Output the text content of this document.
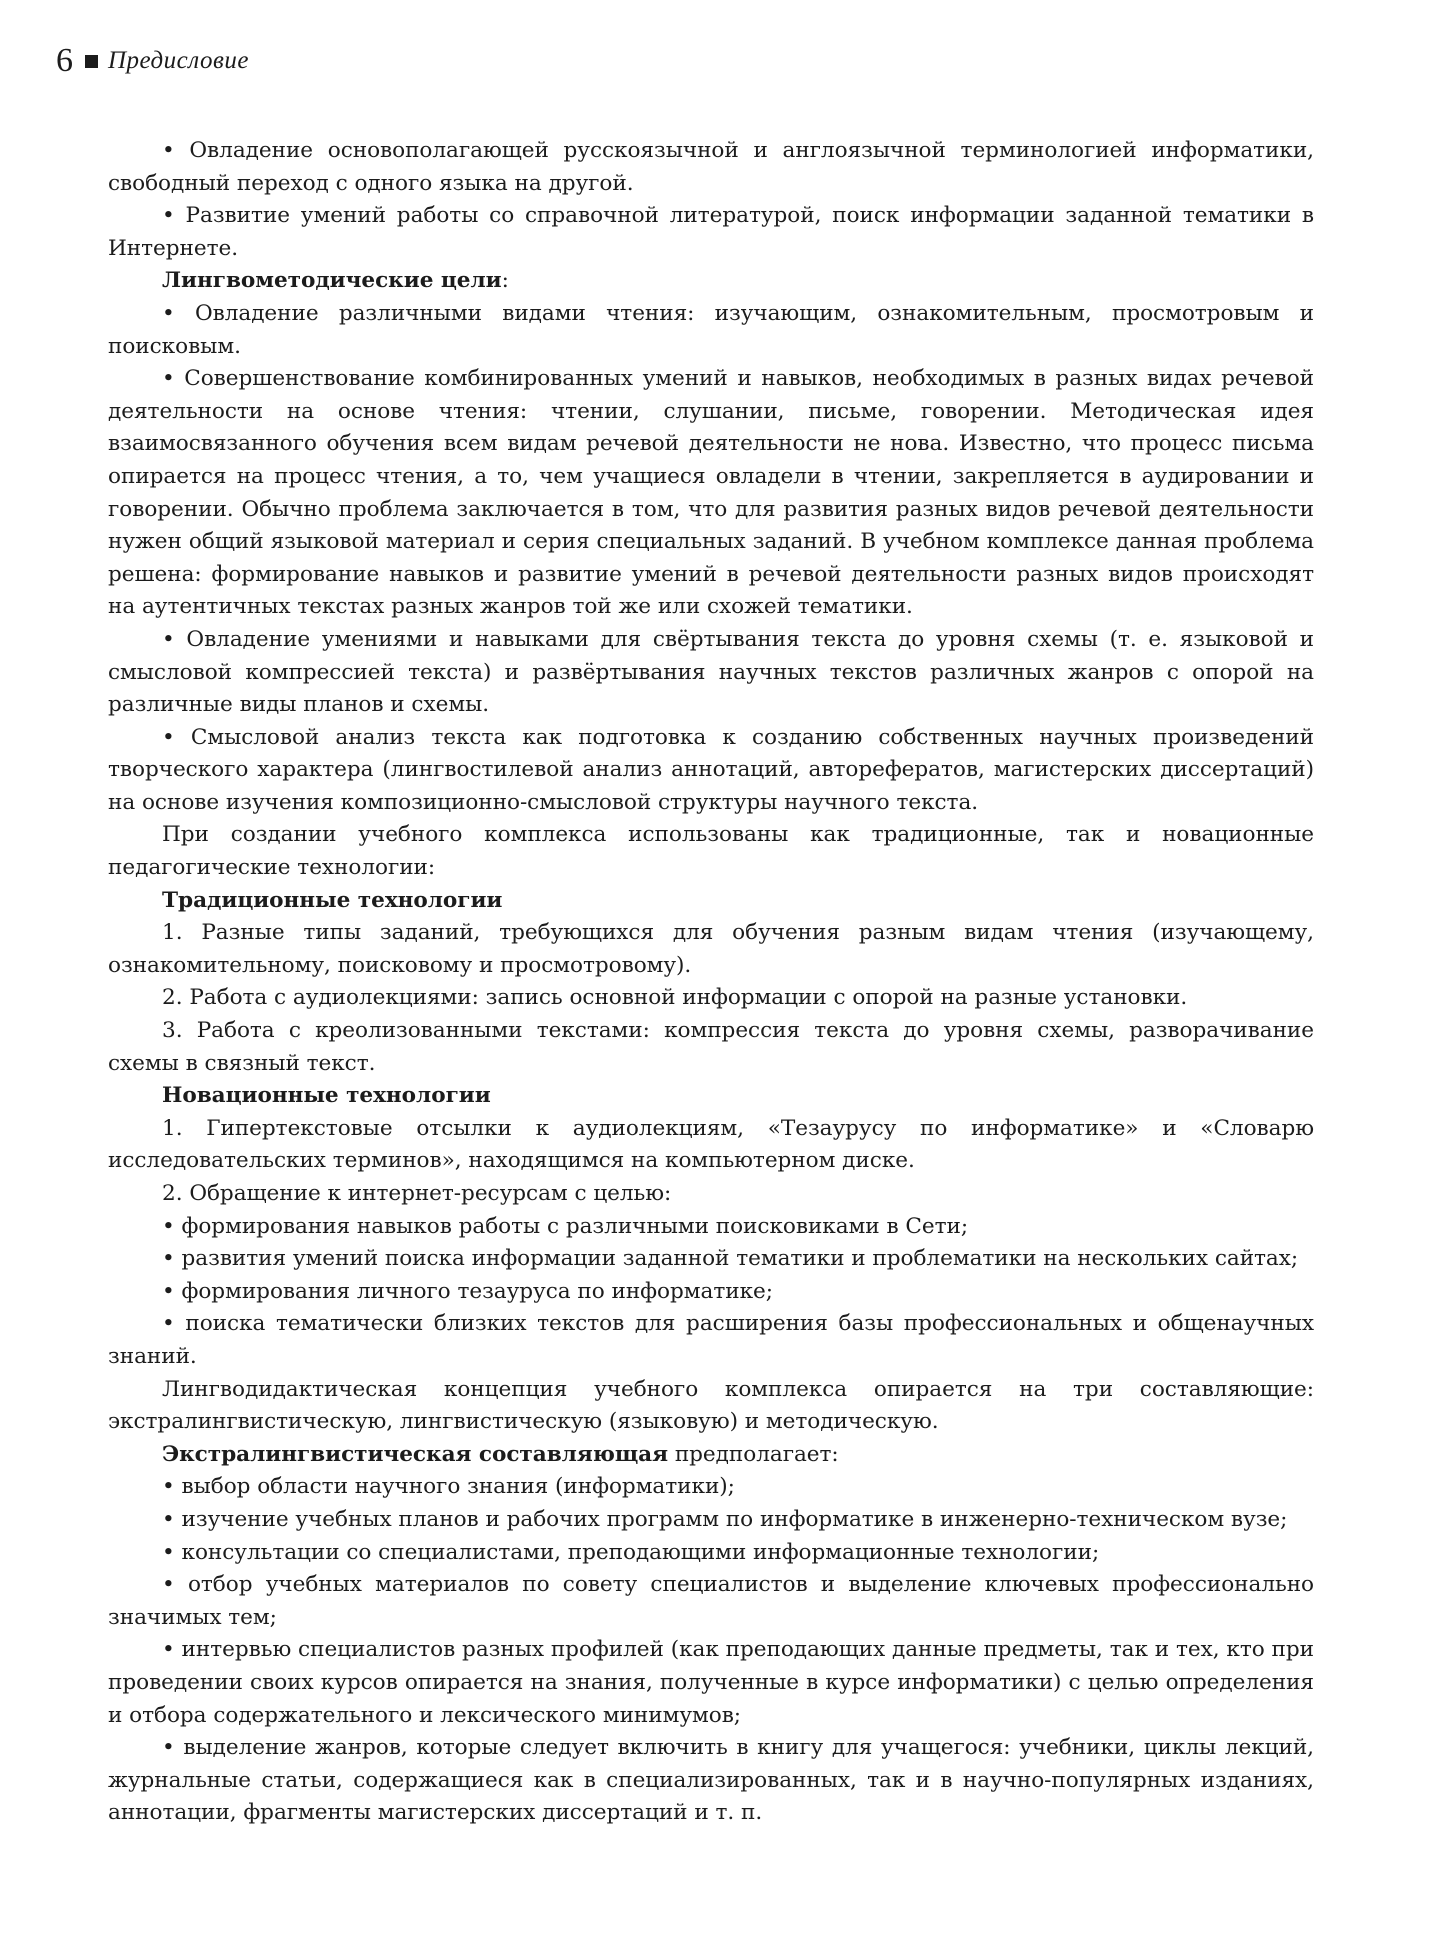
6 Предисловие

• Овладение основополагающей русскоязычной и англоязычной терминологией информатики, свободный переход с одного языка на другой.

• Развитие умений работы со справочной литературой, поиск информации заданной тематики в Интернете.

Лингвометодические цели:

• Овладение различными видами чтения: изучающим, ознакомительным, просмотровым и поисковым.

• Совершенствование комбинированных умений и навыков, необходимых в разных видах речевой деятельности на основе чтения: чтении, слушании, письме, говорении. Методическая идея взаимосвязанного обучения всем видам речевой деятельности не нова. Известно, что процесс письма опирается на процесс чтения, а то, чем учащиеся овладели в чтении, закрепляется в аудировании и говорении. Обычно проблема заключается в том, что для развития разных видов речевой деятельности нужен общий языковой материал и серия специальных заданий. В учебном комплексе данная проблема решена: формирование навыков и развитие умений в речевой деятельности разных видов происходят на аутентичных текстах разных жанров той же или схожей тематики.

• Овладение умениями и навыками для свёртывания текста до уровня схемы (т. е. языковой и смысловой компрессией текста) и развёртывания научных текстов различных жанров с опорой на различные виды планов и схемы.

• Смысловой анализ текста как подготовка к созданию собственных научных произведений творческого характера (лингвостилевой анализ аннотаций, авторефератов, магистерских диссертаций) на основе изучения композиционно-смысловой структуры научного текста.

При создании учебного комплекса использованы как традиционные, так и новационные педагогические технологии:

Традиционные технологии

1. Разные типы заданий, требующихся для обучения разным видам чтения (изучающему, ознакомительному, поисковому и просмотровому).

2. Работа с аудиолекциями: запись основной информации с опорой на разные установки.

3. Работа с креолизованными текстами: компрессия текста до уровня схемы, разворачивание схемы в связный текст.

Новационные технологии

1. Гипертекстовые отсылки к аудиолекциям, «Тезаурусу по информатике» и «Словарю исследовательских терминов», находящимся на компьютерном диске.

2. Обращение к интернет-ресурсам с целью:

• формирования навыков работы с различными поисковиками в Сети;

• развития умений поиска информации заданной тематики и проблематики на нескольких сайтах;

• формирования личного тезауруса по информатике;

• поиска тематически близких текстов для расширения базы профессиональных и общенаучных знаний.

Лингводидактическая концепция учебного комплекса опирается на три составляющие: экстралингвистическую, лингвистическую (языковую) и методическую.

Экстралингвистическая составляющая предполагает:

• выбор области научного знания (информатики);

• изучение учебных планов и рабочих программ по информатике в инженерно-техническом вузе;

• консультации со специалистами, преподающими информационные технологии;

• отбор учебных материалов по совету специалистов и выделение ключевых профессионально значимых тем;

• интервью специалистов разных профилей (как преподающих данные предметы, так и тех, кто при проведении своих курсов опирается на знания, полученные в курсе информатики) с целью определения и отбора содержательного и лексического минимумов;

• выделение жанров, которые следует включить в книгу для учащегося: учебники, циклы лекций, журнальные статьи, содержащиеся как в специализированных, так и в научно-популярных изданиях, аннотации, фрагменты магистерских диссертаций и т. п.
